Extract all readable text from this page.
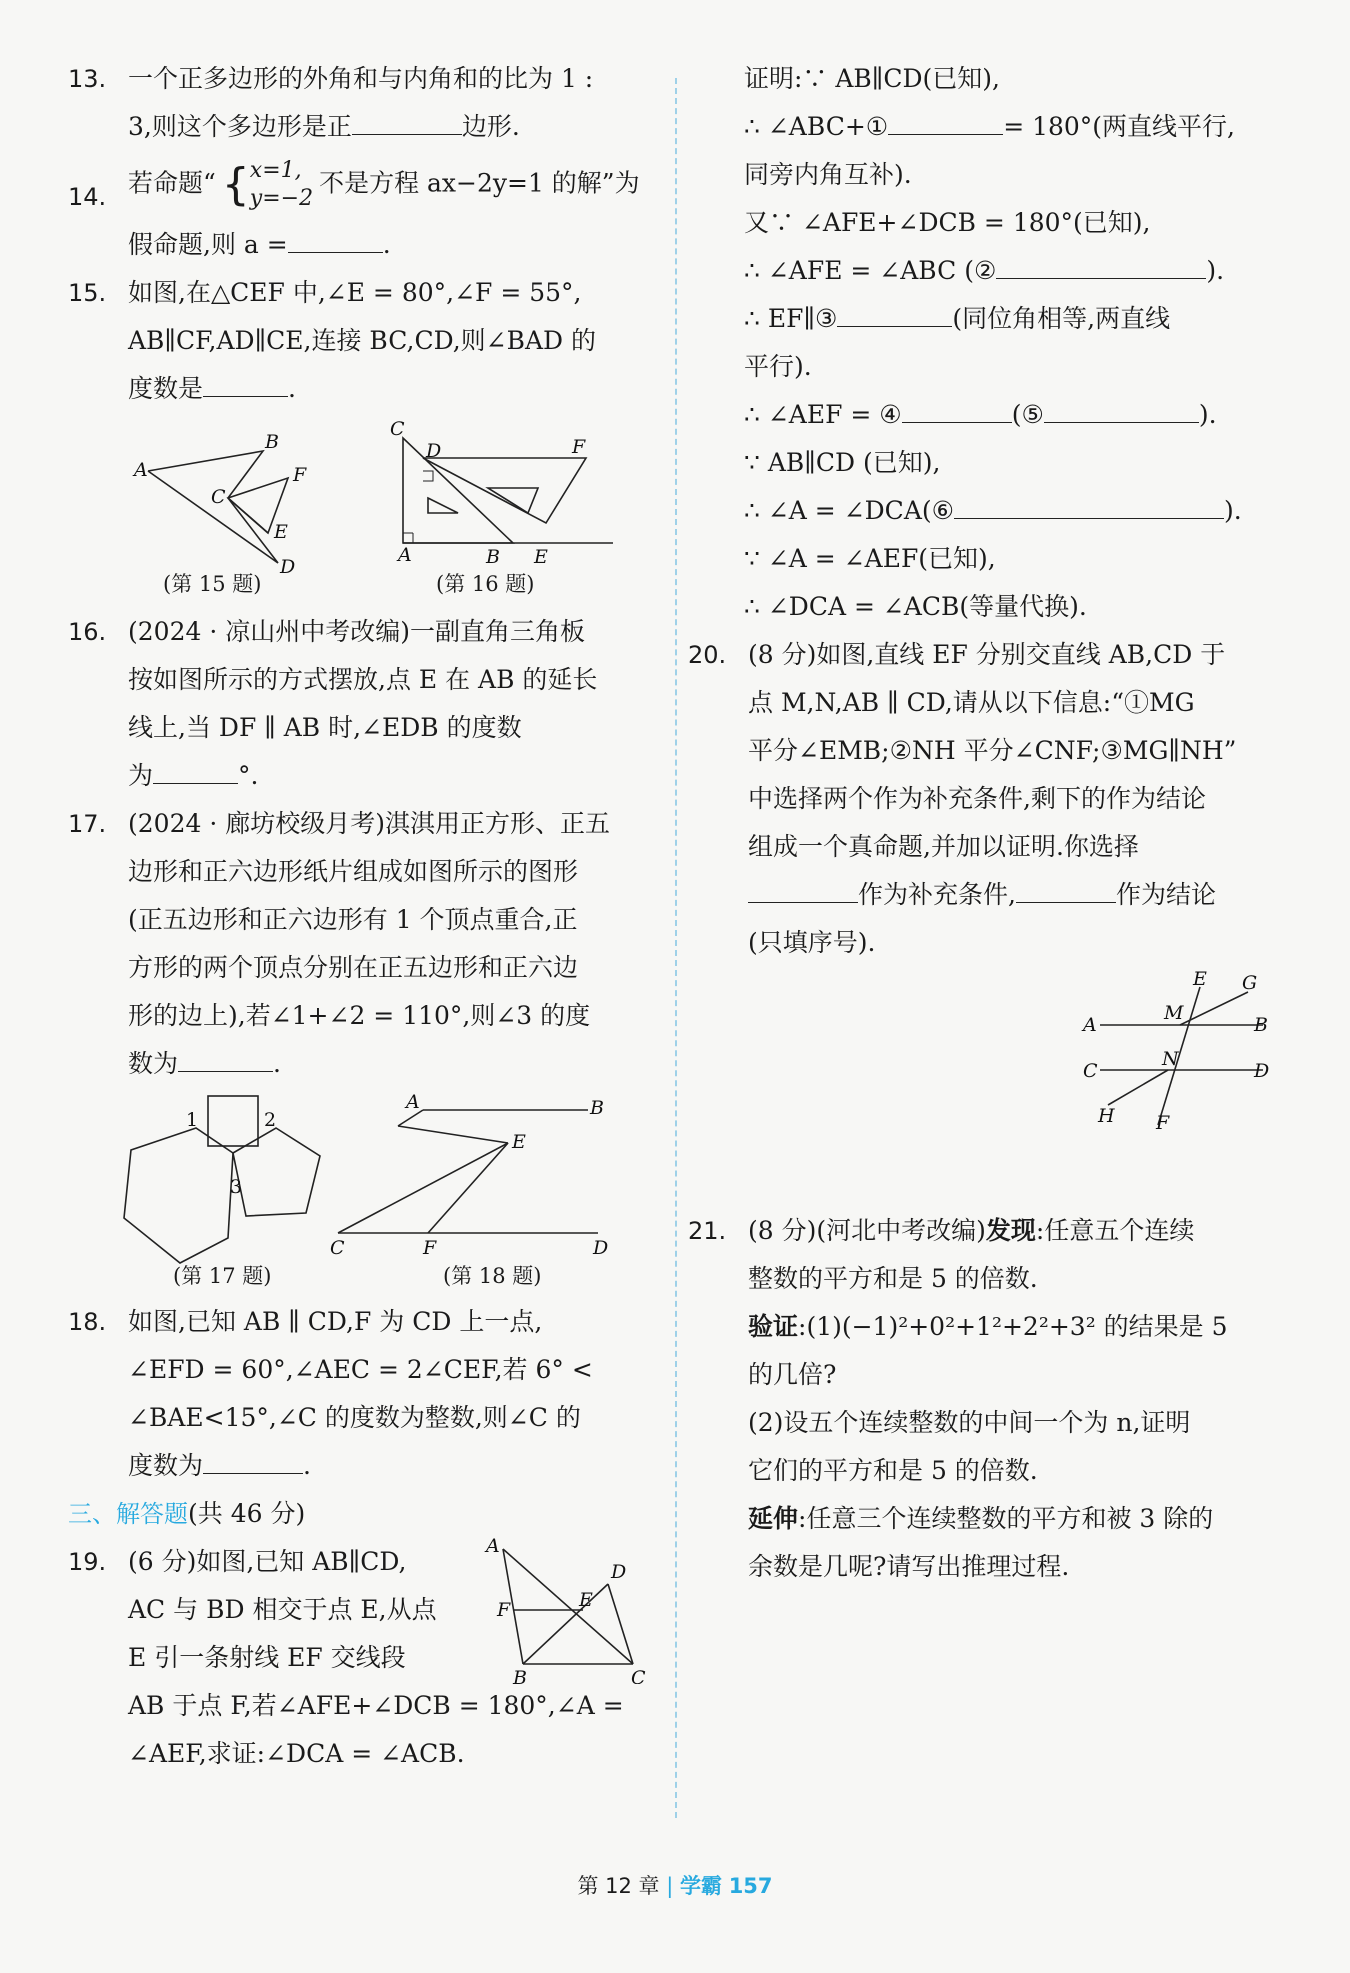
13. 一个正多边形的外角和与内角和的比为 1 :

3,则这个多边形是正	边形.

14. 若命题“ { x=1,
y=−2
不是方程 ax−2y=1 的解”为

假命题,则 a =	.

15. 如图,在△CEF 中,∠E = 80°,∠F = 55°,

AB∥CF,AD∥CE,连接 BC,CD,则∠BAD 的

度数是	.

A
B
C
F
E
D
C
D	F
A	B E
(第 15 题)	(第 16 题)
16. (2024 · 凉山州中考改编)一副直角三角板

按如图所示的方式摆放,点 E 在 AB 的延长

线上,当 DF ∥ AB 时,∠EDB 的度数

为	°.

17. (2024 · 廊坊校级月考)淇淇用正方形、正五

边形和正六边形纸片组成如图所示的图形

(正五边形和正六边形有 1 个顶点重合,正

方形的两个顶点分别在正五边形和正六边

形的边上),若∠1+∠2 = 110°,则∠3 的度

数为	.

1	2
3
A	B
E
C	F	D
(第 17 题)	(第 18 题)
18. 如图,已知 AB ∥ CD,F 为 CD 上一点,

∠EFD = 60°,∠AEC = 2∠CEF,若 6° <

∠BAE<15°,∠C 的度数为整数,则∠C 的

度数为	.

三、解答题(共 46 分)
19. (6 分)如图,已知 AB∥CD,

AC 与 BD 相交于点 E,从点

E 引一条射线 EF 交线段

AB 于点 F,若∠AFE+∠DCB = 180°,∠A =

∠AEF,求证:∠DCA = ∠ACB.

A
D
F	E
B	C

证明:∵ AB∥CD(已知),

∴ ∠ABC+①	= 180°(两直线平行,

同旁内角互补).

又∵ ∠AFE+∠DCB = 180°(已知),

∴ ∠AFE = ∠ABC (②	).

∴ EF∥③	(同位角相等,两直线

平行).

∴ ∠AEF = ④	(⑤	).

∵ AB∥CD (已知),

∴ ∠A = ∠DCA(⑥	).

∵ ∠A = ∠AEF(已知),

∴ ∠DCA = ∠ACB(等量代换).

20. (8 分)如图,直线 EF 分别交直线 AB,CD 于

点 M,N,AB ∥ CD,请从以下信息:“①MG

平分∠EMB;②NH 平分∠CNF;③MG∥NH”

中选择两个作为补充条件,剩下的作为结论

组成一个真命题,并加以证明.你选择

作为补充条件,	作为结论

(只填序号).

E G
A
M
B
N
C	D
H F
21. (8 分)(河北中考改编)发现:任意五个连续

整数的平方和是 5 的倍数.

验证:(1)(−1)²+0²+1²+2²+3² 的结果是 5

的几倍?

(2)设五个连续整数的中间一个为 n,证明

它们的平方和是 5 的倍数.

延伸:任意三个连续整数的平方和被 3 除的

余数是几呢?请写出推理过程.

第 12 章 | 学霸 157
